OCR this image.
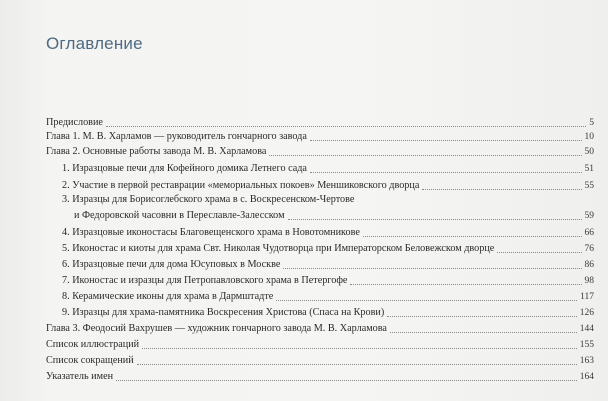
Оглавление
Предисловие	5
Глава 1. М. В. Харламов — руководитель гончарного завода	10
Глава 2. Основные работы завода М. В. Харламова	50
1. Изразцовые печи для Кофейного домика Летнего сада	51
2. Участие в первой реставрации «мемориальных покоев» Меншиковского дворца	55
3. Изразцы для Борисоглебского храма в с. Воскресенском-Чертове
и Федоровской часовни в Переславле-Залесском	59
4. Изразцовые иконостасы Благовещенского храма в Новотомникове	66
5. Иконостас и киоты для храма Свт. Николая Чудотворца при Императорском Беловежском дворце	76
6. Изразцовые печи для дома Юсуповых в Москве	86
7. Иконостас и изразцы для Петропавловского храма в Петергофе	98
8. Керамические иконы для храма в Дармштадте	117
9. Изразцы для храма-памятника Воскресения Христова (Спаса на Крови)	126
Глава 3. Феодосий Вахрушев — художник гончарного завода М. В. Харламова	144
Список иллюстраций	155
Список сокращений	163
Указатель имен	164
